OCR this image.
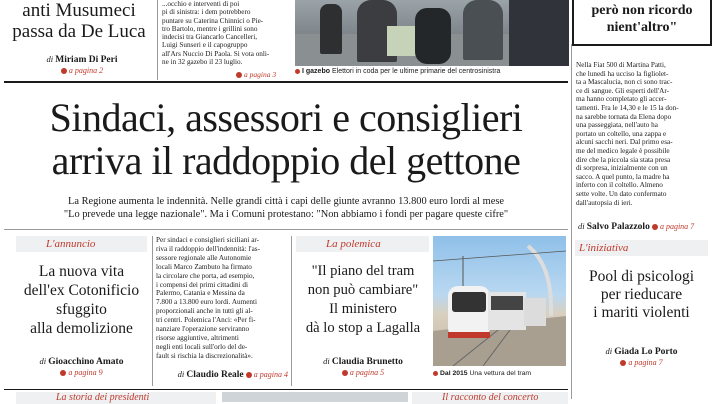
anti Musumeci
passa da De Luca
di Miriam Di Peri
a pagina 2
...occhio e interventi di poi
pi di sinistra: i dem potrebbero
puntare su Caterina Chinnici o Pie-
tro Bartolo, mentre i grillini sono
indecisi tra Giancarlo Cancelleri,
Luigi Sunseri e il capogruppo
all'Ars Nuccio Di Paola. Si vota onli-
ne in 32 gazebo il 23 luglio.
a pagina 3	I gazebo Elettori in coda per le ultime primarie del centrosinistra
però non ricordo
nient'altro"
Sindaci, assessori e consiglieri
arriva il raddoppio del gettone
La Regione aumenta le indennità. Nelle grandi città i capi delle giunte avranno 13.800 euro lordi al mese
"Lo prevede una legge nazionale". Ma i Comuni protestano: "Non abbiamo i fondi per pagare queste cifre"
Nella Fiat 500 di Martina Patti,
che lunedì ha ucciso la figliolet-
ta a Mascalucia, non ci sono trac-
ce di sangue. Gli esperti dell'Ar-
ma hanno completato gli accer-
tamenti. Fra le 14,30 e le 15 la don-
na sarebbe tornata da Elena dopo
una passeggiata, nell'auto ha
portato un coltello, una zappa e
alcuni sacchi neri. Dal primo esa-
me del medico legale è possibile
dire che la piccola sia stata presa
di sorpresa, inizialmente con un
sacco. A quel punto, la madre ha
inferto con il coltello. Almeno
sette volte. Un dato confermato
dall'autopsia di ieri.
di Salvo Palazzolo a pagina 7
L'iniziativa
Pool di psicologi
per rieducare
i mariti violenti
di Giada Lo Porto
a pagina 7
L'annuncio
La nuova vita
dell'ex Cotonificio
sfuggito
alla demolizione
di Gioacchino Amato
a pagina 9
Per sindaci e consiglieri siciliani ar-
riva il raddoppio dell'indennità: l'as-
sessore regionale alle Autonomie
locali Marco Zambuto ha firmato
la circolare che porta, ad esempio,
i compensi dei primi cittadini di
Palermo, Catania e Messina da
7.800 a 13.800 euro lordi. Aumenti
proporzionali anche in tutti gli al-
tri centri. Polemica l'Anci: «Per fi-
nanziare l'operazione serviranno
risorse aggiuntive, altrimenti
negli enti locali sull'orlo del de-
fault si rischia la discrezionalità».
di Claudio Reale a pagina 4
La polemica
"Il piano del tram
non può cambiare"
Il ministero
dà lo stop a Lagalla
di Claudia Brunetto
a pagina 5	Dal 2015 Una vettura del tram
La storia dei presidenti	Il racconto del concerto
